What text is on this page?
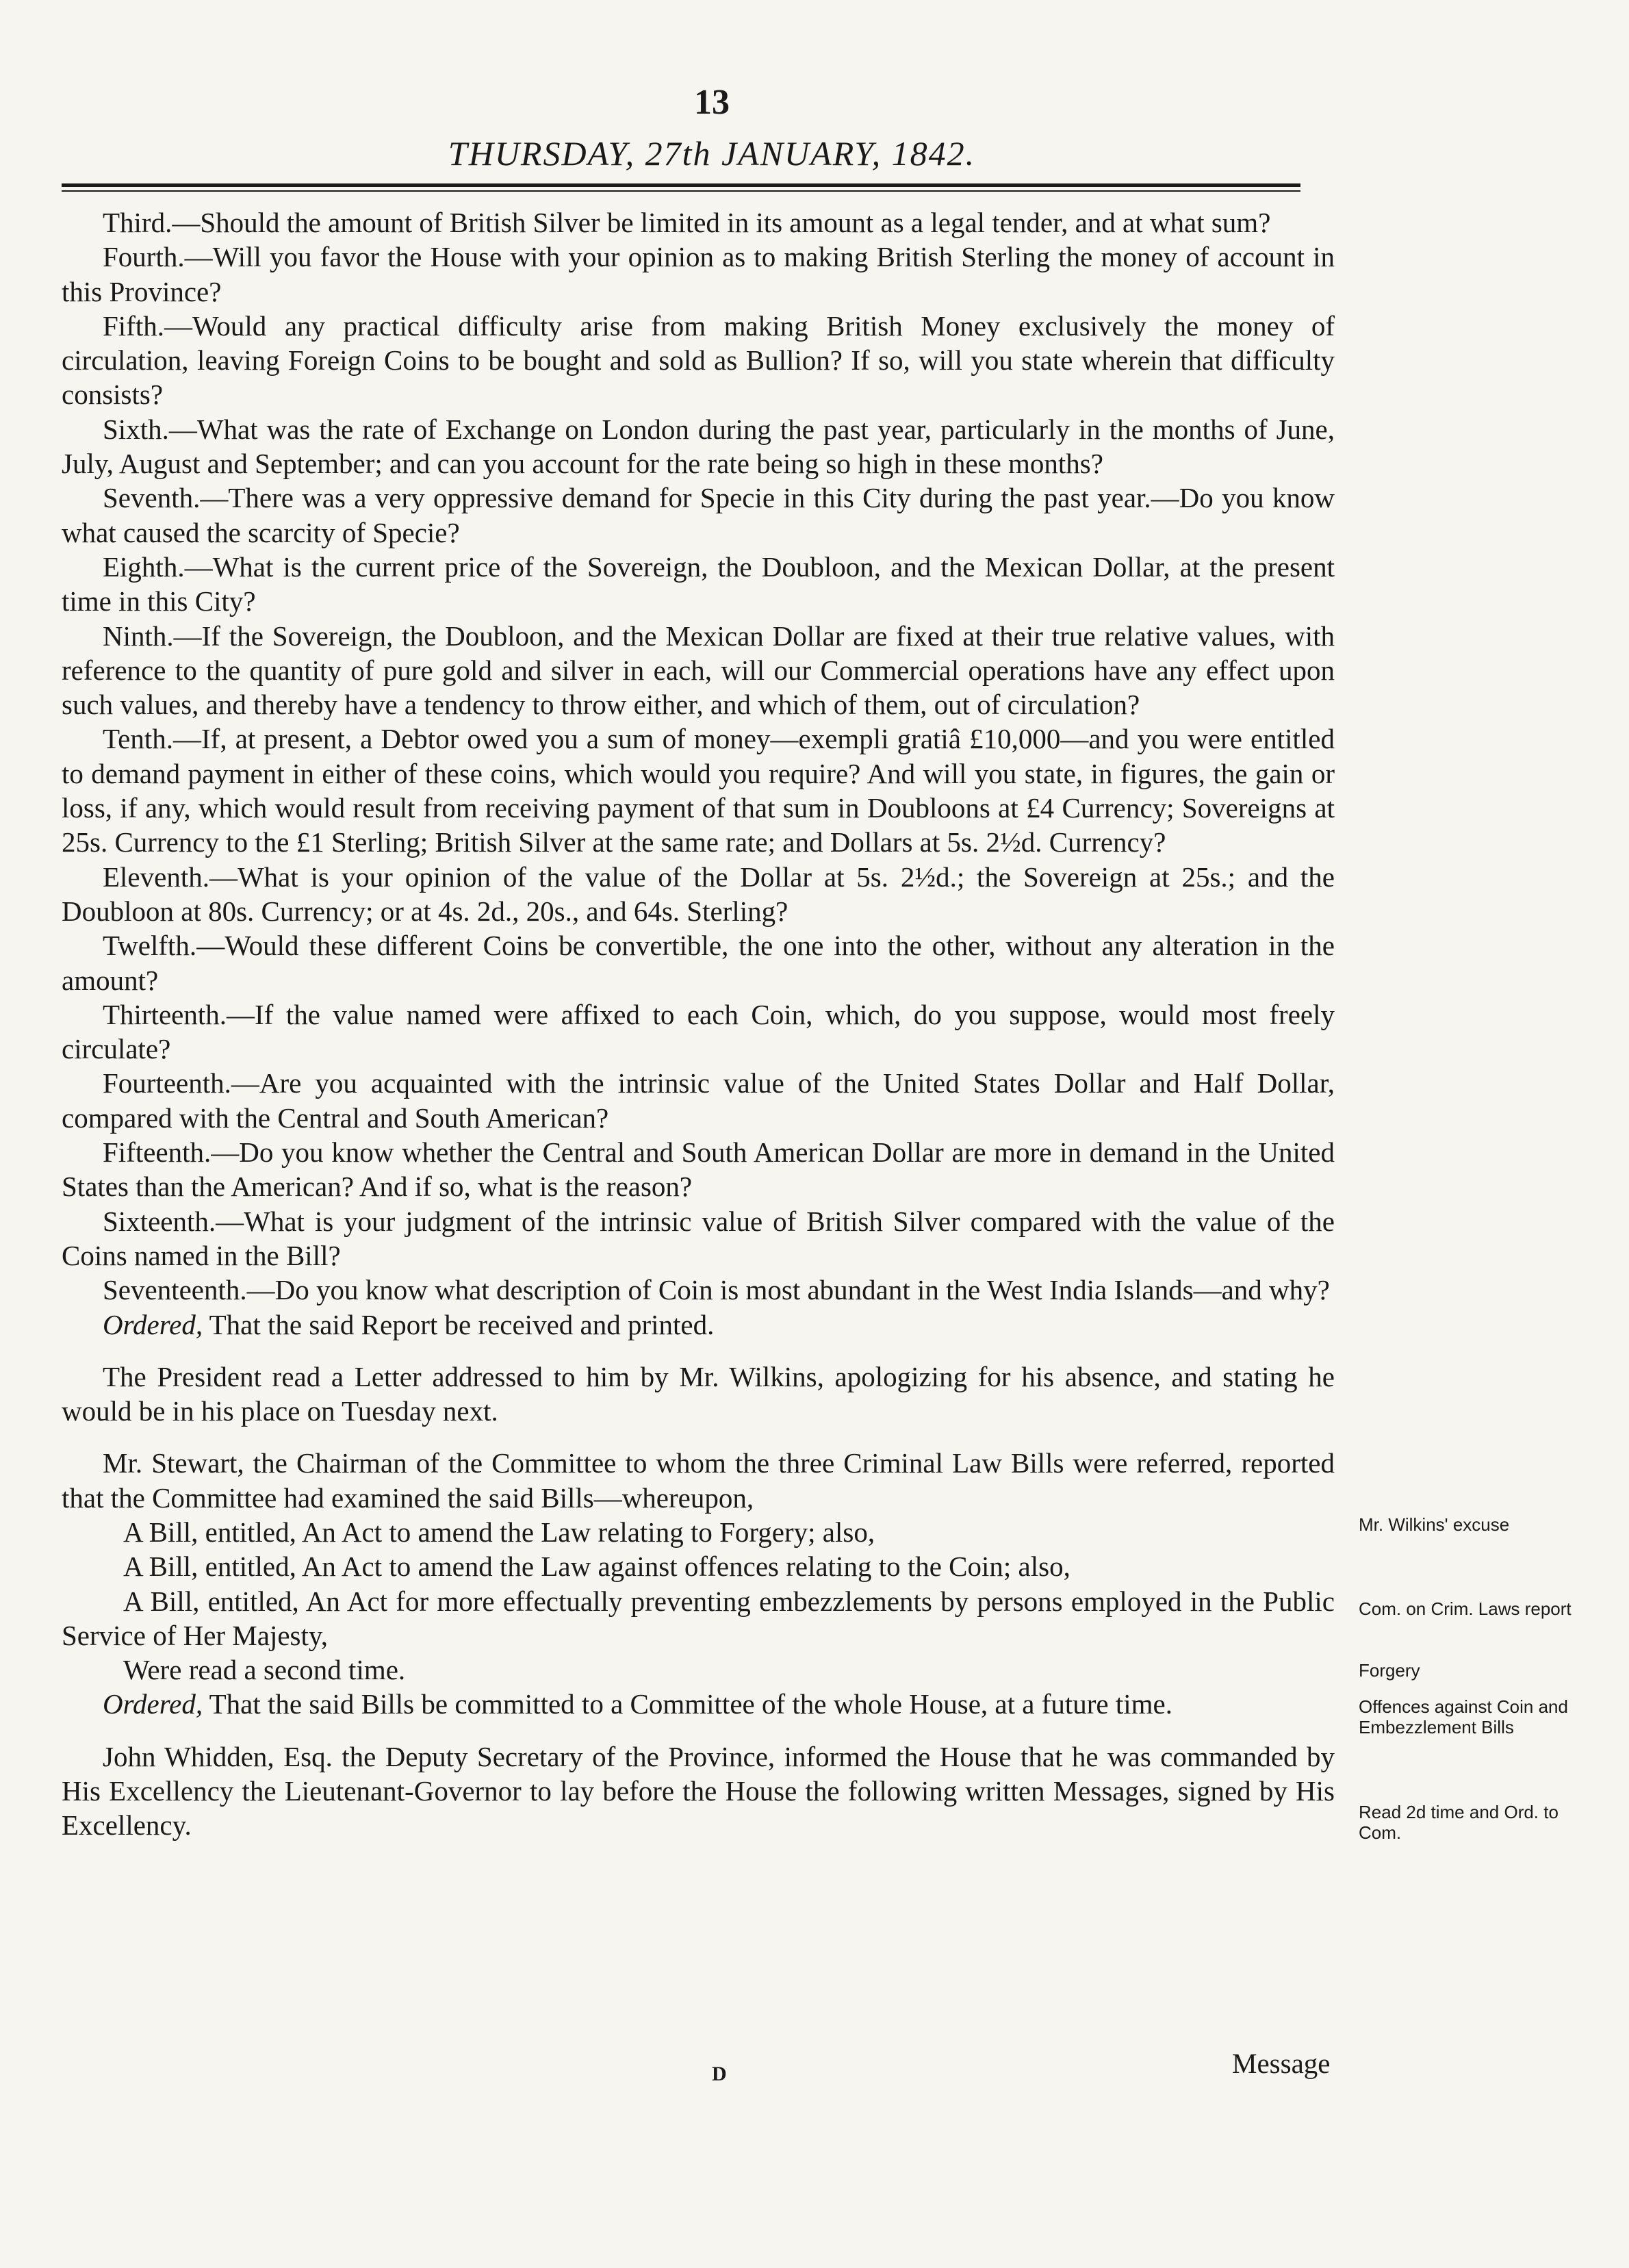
13
THURSDAY, 27th JANUARY, 1842.

Third.—Should the amount of British Silver be limited in its amount as a legal tender, and at what sum?

Fourth.—Will you favor the House with your opinion as to making British Sterling the money of account in this Province?

Fifth.—Would any practical difficulty arise from making British Money exclusively the money of circulation, leaving Foreign Coins to be bought and sold as Bullion? If so, will you state wherein that difficulty consists?

Sixth.—What was the rate of Exchange on London during the past year, particularly in the months of June, July, August and September; and can you account for the rate being so high in these months?

Seventh.—There was a very oppressive demand for Specie in this City during the past year.—Do you know what caused the scarcity of Specie?

Eighth.—What is the current price of the Sovereign, the Doubloon, and the Mexican Dollar, at the present time in this City?

Ninth.—If the Sovereign, the Doubloon, and the Mexican Dollar are fixed at their true relative values, with reference to the quantity of pure gold and silver in each, will our Commercial operations have any effect upon such values, and thereby have a tendency to throw either, and which of them, out of circulation?

Tenth.—If, at present, a Debtor owed you a sum of money—exempli gratiâ £10,000—and you were entitled to demand payment in either of these coins, which would you require? And will you state, in figures, the gain or loss, if any, which would result from receiving payment of that sum in Doubloons at £4 Currency; Sovereigns at 25s. Currency to the £1 Sterling; British Silver at the same rate; and Dollars at 5s. 2½d. Currency?

Eleventh.—What is your opinion of the value of the Dollar at 5s. 2½d.; the Sovereign at 25s.; and the Doubloon at 80s. Currency; or at 4s. 2d., 20s., and 64s. Sterling?

Twelfth.—Would these different Coins be convertible, the one into the other, without any alteration in the amount?

Thirteenth.—If the value named were affixed to each Coin, which, do you suppose, would most freely circulate?

Fourteenth.—Are you acquainted with the intrinsic value of the United States Dollar and Half Dollar, compared with the Central and South American?

Fifteenth.—Do you know whether the Central and South American Dollar are more in demand in the United States than the American? And if so, what is the reason?

Sixteenth.—What is your judgment of the intrinsic value of British Silver compared with the value of the Coins named in the Bill?

Seventeenth.—Do you know what description of Coin is most abundant in the West India Islands—and why?

Ordered, That the said Report be received and printed.

The President read a Letter addressed to him by Mr. Wilkins, apologizing for his absence, and stating he would be in his place on Tuesday next.

Mr. Stewart, the Chairman of the Committee to whom the three Criminal Law Bills were referred, reported that the Committee had examined the said Bills—whereupon,

A Bill, entitled, An Act to amend the Law relating to Forgery; also,

A Bill, entitled, An Act to amend the Law against offences relating to the Coin; also,

A Bill, entitled, An Act for more effectually preventing embezzlements by persons employed in the Public Service of Her Majesty,

Were read a second time.

Ordered, That the said Bills be committed to a Committee of the whole House, at a future time.

John Whidden, Esq. the Deputy Secretary of the Province, informed the House that he was commanded by His Excellency the Lieutenant-Governor to lay before the House the following written Messages, signed by His Excellency.

Mr. Wilkins' excuse
Com. on Crim. Laws report
Forgery
Offences against Coin and Embezzlement Bills
Read 2d time and Ord. to Com.
D	Message
